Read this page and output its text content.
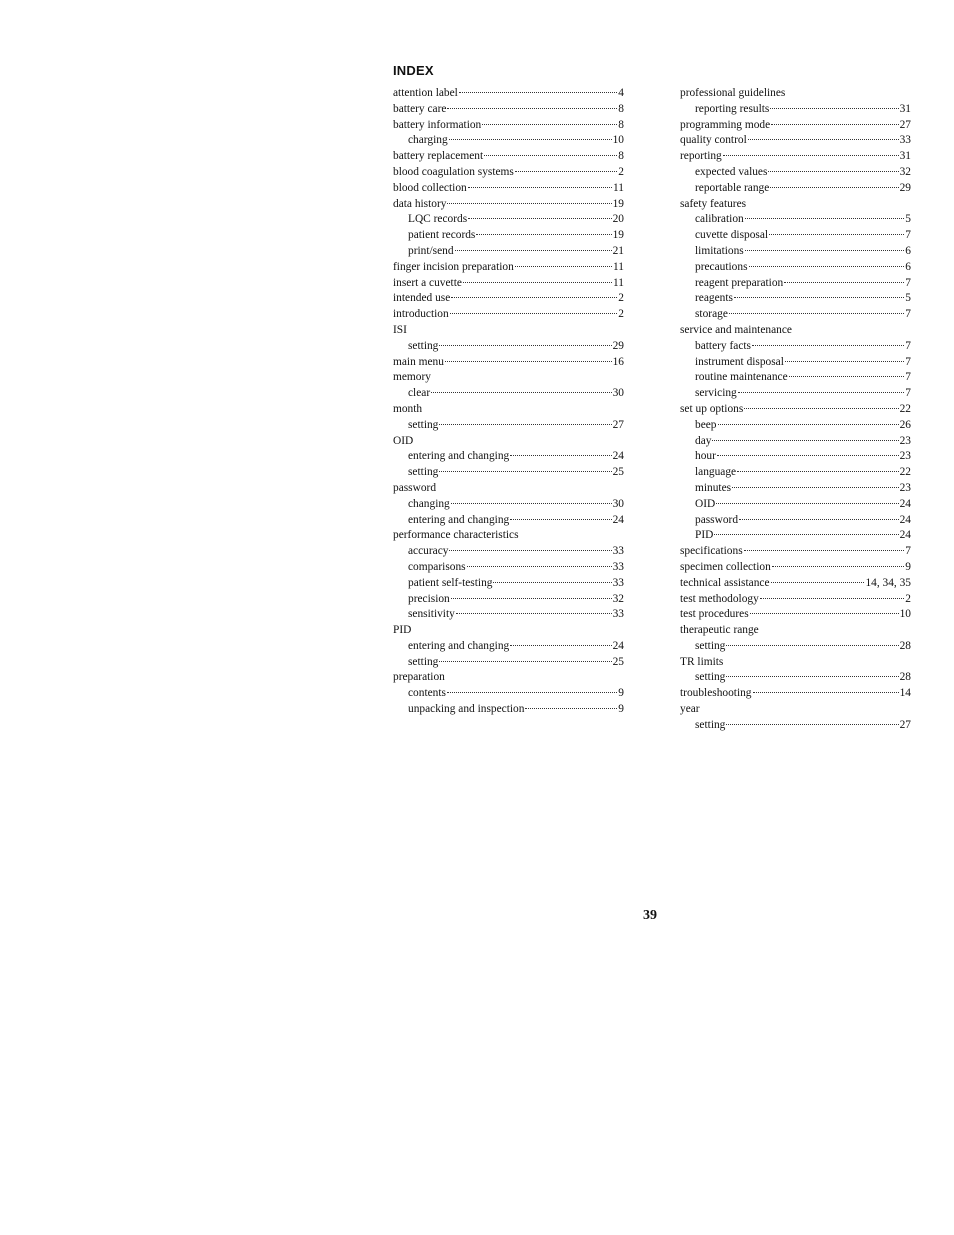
INDEX
attention label	4
battery care	8
battery information	8
charging	10
battery replacement	8
blood coagulation systems	2
blood collection	11
data history	19
LQC records	20
patient records	19
print/send	21
finger incision preparation	11
insert a cuvette	11
intended use	2
introduction	2
ISI
setting	29
main menu	16
memory
clear	30
month
setting	27
OID
entering and changing	24
setting	25
password
changing	30
entering and changing	24
performance characteristics
accuracy	33
comparisons	33
patient self-testing	33
precision	32
sensitivity	33
PID
entering and changing	24
setting	25
preparation
contents	9
unpacking and inspection	9
professional guidelines
reporting results	31
programming mode	27
quality control	33
reporting	31
expected values	32
reportable range	29
safety features
calibration	5
cuvette disposal	7
limitations	6
precautions	6
reagent preparation	7
reagents	5
storage	7
service and maintenance
battery facts	7
instrument disposal	7
routine maintenance	7
servicing	7
set up options	22
beep	26
day	23
hour	23
language	22
minutes	23
OID	24
password	24
PID	24
specifications	7
specimen collection	9
technical assistance	14, 34, 35
test methodology	2
test procedures	10
therapeutic range
setting	28
TR limits
setting	28
troubleshooting	14
year
setting	27
39
